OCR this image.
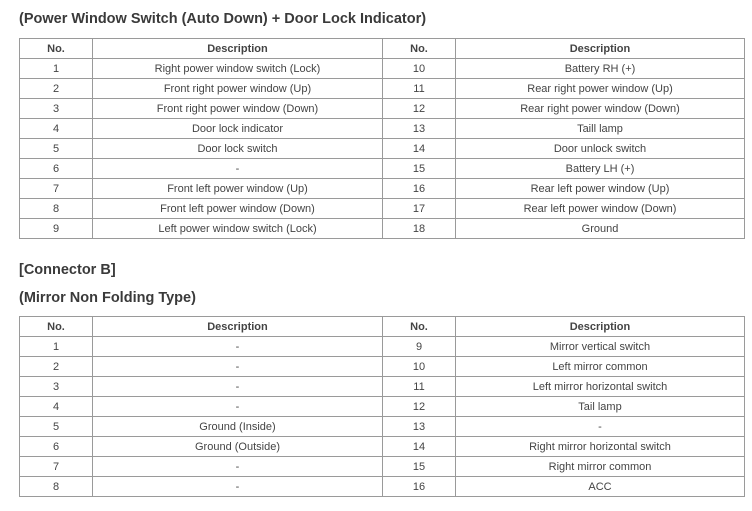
(Power Window Switch (Auto Down) + Door Lock Indicator)
No.	Description	No.	Description
1	Right power window switch (Lock)	10	Battery RH (+)
2	Front right power window (Up)	11	Rear right power window (Up)
3	Front right power window (Down)	12	Rear right power window (Down)
4	Door lock indicator	13	Taill lamp
5	Door lock switch	14	Door unlock switch
6	-	15	Battery LH (+)
7	Front left power window (Up)	16	Rear left power window (Up)
8	Front left power window (Down)	17	Rear left power window (Down)
9	Left power window switch (Lock)	18	Ground
[Connector B]
(Mirror Non Folding Type)
No.	Description	No.	Description
1	-	9	Mirror vertical switch
2	-	10	Left mirror common
3	-	11	Left mirror horizontal switch
4	-	12	Tail lamp
5	Ground (Inside)	13	-
6	Ground (Outside)	14	Right mirror horizontal switch
7	-	15	Right mirror common
8	-	16	ACC
